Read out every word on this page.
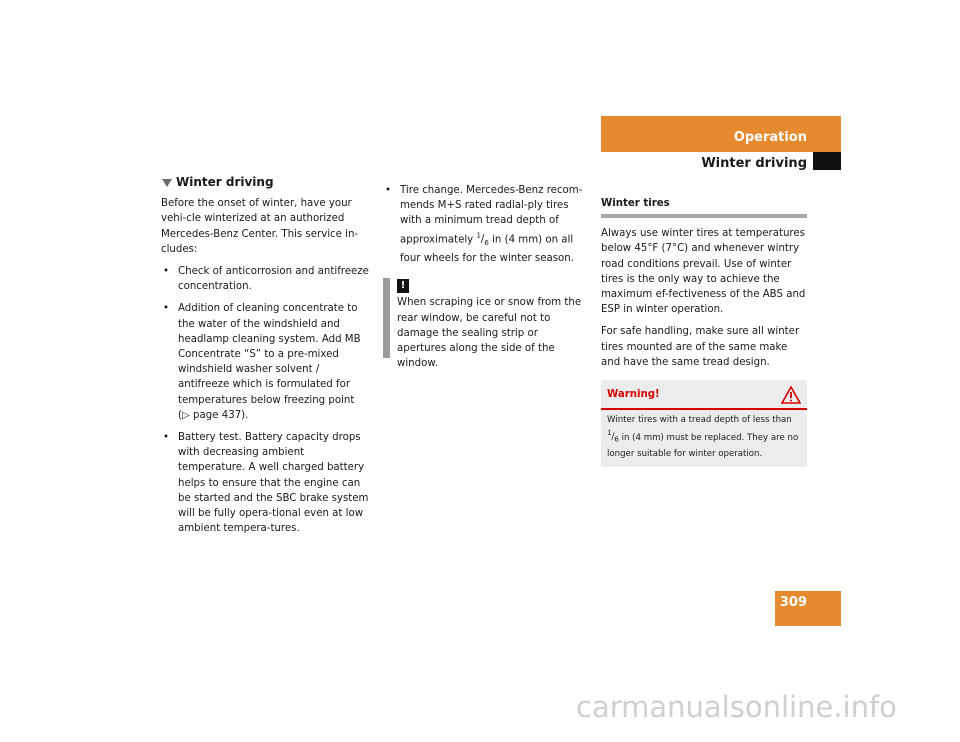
Operation
Winter driving
Winter driving

Before the onset of winter, have your vehi-cle winterized at an authorized Mercedes-Benz Center. This service in-cludes:

• Check of anticorrosion and antifreeze concentration.
• Addition of cleaning concentrate to the water of the windshield and headlamp cleaning system. Add MB Concentrate “S” to a pre-mixed windshield washer solvent / antifreeze which is formulated for temperatures below freezing point (▷ page 437).
• Battery test. Battery capacity drops with decreasing ambient temperature. A well charged battery helps to ensure that the engine can be started and the SBC brake system will be fully opera-tional even at low ambient tempera-tures.
• Tire change. Mercedes-Benz recom-mends M+S rated radial-ply tires with a minimum tread depth of approximately $^1/_6$ in (4 mm) on all four wheels for the winter season.
!
When scraping ice or snow from the rear window, be careful not to damage the sealing strip or apertures along the side of the window.
Winter tires

Always use winter tires at temperatures below 45°F (7°C) and whenever wintry road conditions prevail. Use of winter tires is the only way to achieve the maximum ef-fectiveness of the ABS and ESP in winter operation.

For safe handling, make sure all winter tires mounted are of the same make and have the same tread design.

Warning!
Winter tires with a tread depth of less than $^1/_6$ in (4 mm) must be replaced. They are no longer suitable for winter operation.
309
carmanualsonline.info
